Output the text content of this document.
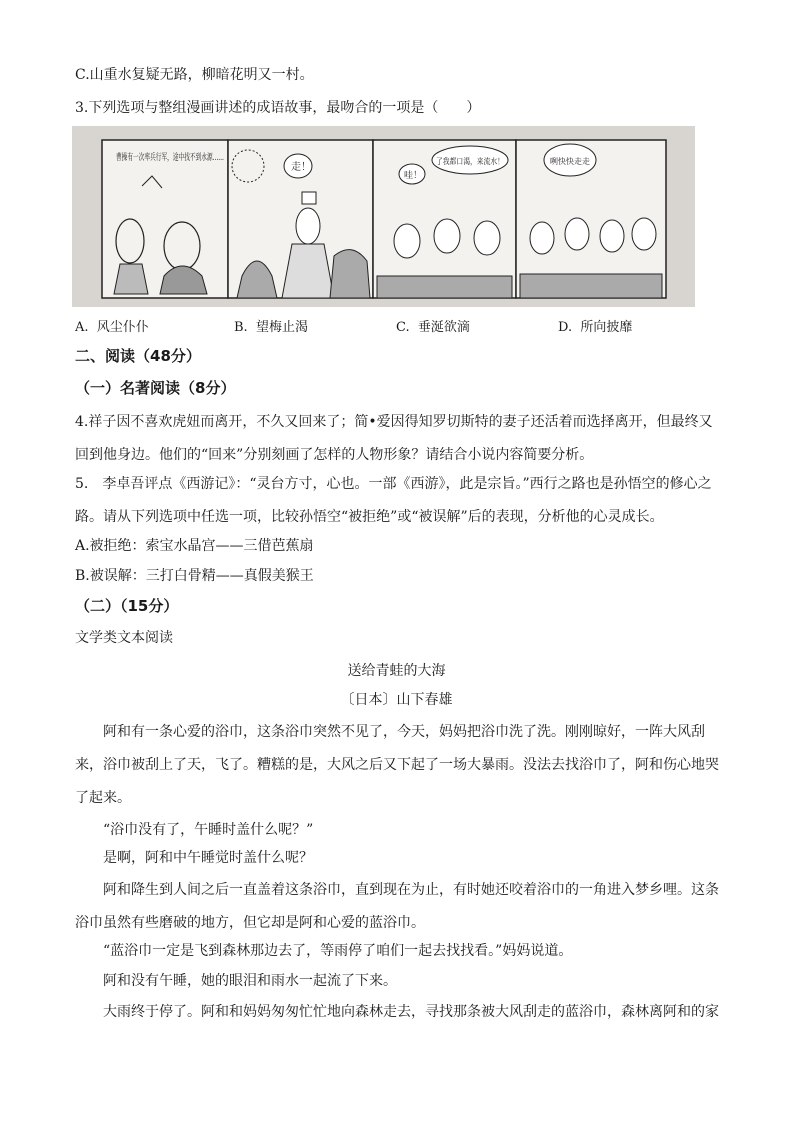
C.山重水复疑无路，柳暗花明又一村。
3.下列选项与整组漫画讲述的成语故事，最吻合的一项是（　　）
曹操有一次率兵行军，途中找不到水源……
走！
了我都口渴，来流水！
哇！
咧快快走走
A. 风尘仆仆	B. 望梅止渴	C. 垂涎欲滴	D. 所向披靡
二、阅读（48分）
（一）名著阅读（8分）
4.祥子因不喜欢虎妞而离开，不久又回来了；简•爱因得知罗切斯特的妻子还活着而选择离开，但最终又回到他身边。他们的“回来”分别刻画了怎样的人物形象？请结合小说内容简要分析。
5.　李卓吾评点《西游记》：“灵台方寸，心也。一部《西游》，此是宗旨。”西行之路也是孙悟空的修心之路。请从下列选项中任选一项，比较孙悟空“被拒绝”或“被误解”后的表现，分析他的心灵成长。
A.被拒绝：索宝水晶宫——三借芭蕉扇
B.被误解：三打白骨精——真假美猴王
（二）（15分）
文学类文本阅读
送给青蛙的大海
〔日本〕山下春雄
阿和有一条心爱的浴巾，这条浴巾突然不见了，今天，妈妈把浴巾洗了洗。刚刚晾好，一阵大风刮来，浴巾被刮上了天，飞了。糟糕的是，大风之后又下起了一场大暴雨。没法去找浴巾了，阿和伤心地哭了起来。
“浴巾没有了，午睡时盖什么呢？”
是啊，阿和中午睡觉时盖什么呢？
阿和降生到人间之后一直盖着这条浴巾，直到现在为止，有时她还咬着浴巾的一角进入梦乡哩。这条浴巾虽然有些磨破的地方，但它却是阿和心爱的蓝浴巾。
“蓝浴巾一定是飞到森林那边去了，等雨停了咱们一起去找找看。”妈妈说道。
阿和没有午睡，她的眼泪和雨水一起流了下来。
大雨终于停了。阿和和妈妈匆匆忙忙地向森林走去，寻找那条被大风刮走的蓝浴巾，森林离阿和的家
